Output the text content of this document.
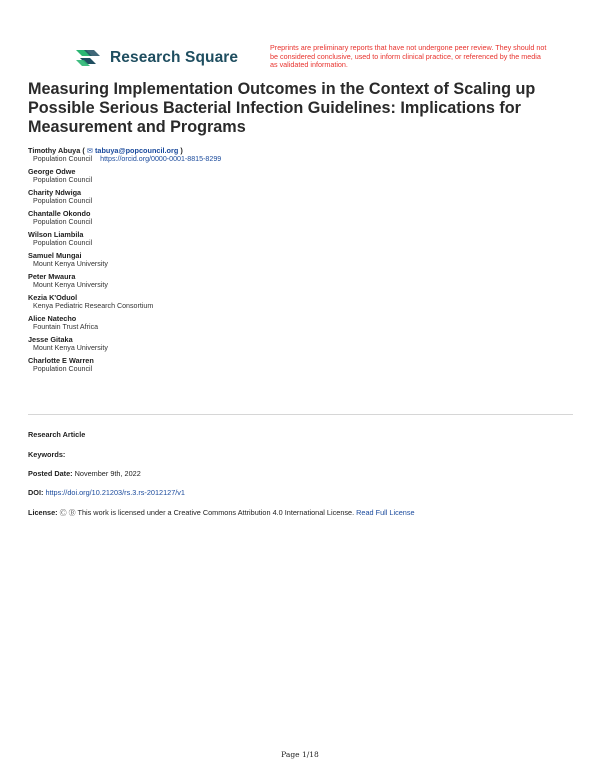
Research Square
Preprints are preliminary reports that have not undergone peer review. They should not be considered conclusive, used to inform clinical practice, or referenced by the media as validated information.
Measuring Implementation Outcomes in the Context of Scaling up Possible Serious Bacterial Infection Guidelines: Implications for Measurement and Programs
Timothy Abuya ( ✉ tabuya@popcouncil.org )
Population Council https://orcid.org/0000-0001-8815-8299
George Odwe
Population Council
Charity Ndwiga
Population Council
Chantalle Okondo
Population Council
Wilson Liambila
Population Council
Samuel Mungai
Mount Kenya University
Peter Mwaura
Mount Kenya University
Kezia K'Oduol
Kenya Pediatric Research Consortium
Alice Natecho
Fountain Trust Africa
Jesse Gitaka
Mount Kenya University
Charlotte E Warren
Population Council
Research Article
Keywords:
Posted Date: November 9th, 2022
DOI: https://doi.org/10.21203/rs.3.rs-2012127/v1
License: Ⓒ Ⓑ This work is licensed under a Creative Commons Attribution 4.0 International License. Read Full License
Page 1/18
